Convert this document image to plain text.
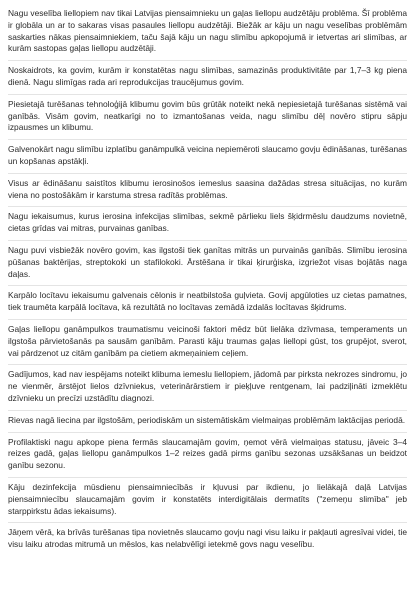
Nagu veselība liellopiem nav tikai Latvijas piensaimnieku un gaļas liellopu audzētāju problēma. Šī problēma ir globāla un ar to sakaras visas pasaules liellopu audzētāji. Biežāk ar kāju un nagu veselības problēmām saskarties nākas piensaimniekiem, taču šajā kāju un nagu slimību apkopojumā ir ietvertas ari slimības, ar kurām sastopas gaļas liellopu audzētāji.

Noskaidrots, ka govim, kurām ir konstatētas nagu slimības, samazinās produktivitāte par 1,7–3 kg piena dienā. Nagu slimīgas rada ari reprodukcijas traucējumus govim.

Piesietajā turēšanas tehnoloģijā klibumu govim būs grūtāk noteikt nekā nepiesietajā turēšanas sistēmā vai ganībās. Visām govim, neatkarīgi no to izmantošanas veida, nagu slimību dēļ novēro stipru sāpju izpausmes un klibumu.

Galvenokārt nagu slimību izplatību ganāmpulkā veicina nepiemēroti slaucamo govju ēdināšanas, turēšanas un kopšanas apstākļi.

Visus ar ēdināšanu saistītos klibumu ierosinošos iemeslus saasina dažādas stresa situācijas, no kurām viena no postošākām ir karstuma stresa radītās problēmas.

Nagu iekaisumus, kurus ierosina infekcijas slimības, sekmē pārlieku liels šķidrmēslu daudzums novietnē, cietas grīdas vai mitras, purvainas ganības.

Nagu puvi visbiežāk novēro govim, kas ilgstoši tiek ganītas mitrās un purvainās ganībās. Slimību ierosina pūšanas baktērijas, streptokoki un stafilokoki. Ārstēšana ir tikai ķirurģiska, izgriežot visas bojātās naga daļas.

Karpālo locītavu iekaisumu galvenais cēlonis ir neatbilstoša guļvieta. Govij apgūloties uz cietas pamatnes, tiek traumēta karpālā locītava, kā rezultātā no locītavas zemādā izdalās locītavas šķidrums.

Gaļas liellopu ganāmpulkos traumatismu veicinoši faktori mēdz būt lielāka dzīvmasa, temperaments un ilgstoša pārvietošanās pa sausām ganībām. Parasti kāju traumas gaļas liellopi gūst, tos grupējot, sverot, vai pārdzenot uz citām ganībām pa cietiem akmeņainiem ceļiem.

Gadījumos, kad nav iespējams noteikt klibuma iemeslu liellopiem, jādomā par pirksta nekrozes sindromu, jo ne vienmēr, ārstējot lielos dzīvniekus, veterinārārstiem ir pieķļuve rentgenam, lai padziļināti izmeklētu dzīvnieku un precīzi uzstādītu diagnozi.

Rievas nagā liecina par ilgstošām, periodiskām un sistemātiskām vielmaiņas problēmām laktācijas periodā.

Profilaktiski nagu apkope piena fermās slaucamajām govim, ņemot vērā vielmaiņas statusu, jāveic 3–4 reizes gadā, gaļas liellopu ganāmpulkos 1–2 reizes gadā pirms ganību sezonas uzsākšanas un beidzot ganību sezonu.

Kāju dezinfekcija mūsdienu piensaimniecībās ir kļuvusi par ikdienu, jo lielākajā daļā Latvijas piensaimniecību slaucamajām govim ir konstatēts interdigitālais dermatīts ("zemeņu slimība" jeb starppirkstu ādas iekaisums).

Jāņem vērā, ka brīvās turēšanas tipa novietnēs slaucamo govju nagi visu laiku ir pakļauti agresīvai videi, tie visu laiku atrodas mitrumā un mēslos, kas nelabvēlīgi ietekmē govs nagu veselību.
